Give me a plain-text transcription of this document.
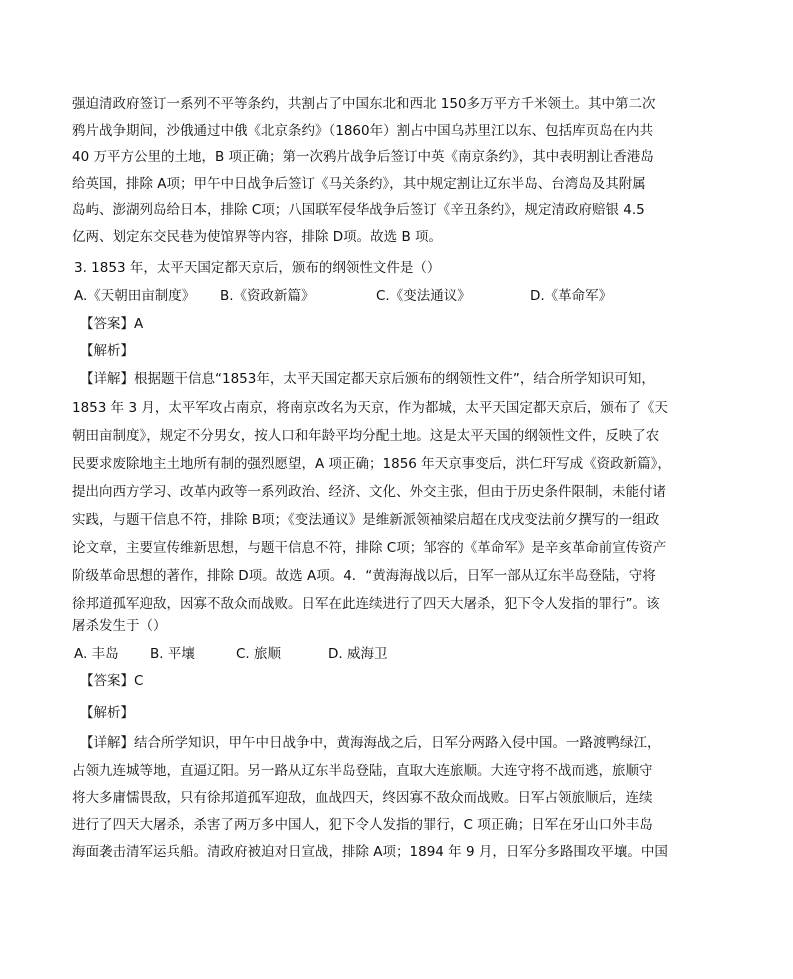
强迫清政府签订一系列不平等条约，共割占了中国东北和西北 150多万平方千米领土。其中第二次
鸦片战争期间，沙俄通过中俄《北京条约》（1860年）割占中国乌苏里江以东、包括库页岛在内共
40 万平方公里的土地，B 项正确；第一次鸦片战争后签订中英《南京条约》，其中表明割让香港岛
给英国，排除 A项；甲午中日战争后签订《马关条约》，其中规定割让辽东半岛、台湾岛及其附属
岛屿、澎湖列岛给日本，排除 C项；八国联军侵华战争后签订《辛丑条约》，规定清政府赔银 4.5
亿两、划定东交民巷为使馆界等内容，排除 D项。故选 B 项。
3. 1853 年，太平天国定都天京后，颁布的纲领性文件是（）
A.《天朝田亩制度》 B.《资政新篇》	C.《变法通议》	D.《革命军》
【答案】A
【解析】
【详解】根据题干信息“1853年，太平天国定都天京后颁布的纲领性文件”，结合所学知识可知，
1853 年 3 月，太平军攻占南京，将南京改名为天京，作为都城，太平天国定都天京后，颁布了《天
朝田亩制度》，规定不分男女，按人口和年龄平均分配土地。这是太平天国的纲领性文件，反映了农
民要求废除地主土地所有制的强烈愿望，A 项正确；1856 年天京事变后，洪仁玕写成《资政新篇》，
提出向西方学习、改革内政等一系列政治、经济、文化、外交主张，但由于历史条件限制，未能付诸
实践，与题干信息不符，排除 B项；《变法通议》是维新派领袖梁启超在戊戌变法前夕撰写的一组政
论文章，主要宣传维新思想，与题干信息不符，排除 C项；邹容的《革命军》是辛亥革命前宣传资产
阶级革命思想的著作，排除 D项。故选 A项。4．“黄海海战以后，日军一部从辽东半岛登陆，守将
徐邦道孤军迎敌，因寡不敌众而战败。日军在此连续进行了四天大屠杀，犯下令人发指的罪行”。该
屠杀发生于（）
A. 丰岛 B. 平壤	C. 旅顺	D. 威海卫
【答案】C
【解析】
【详解】结合所学知识，甲午中日战争中，黄海海战之后，日军分两路入侵中国。一路渡鸭绿江，
占领九连城等地，直逼辽阳。另一路从辽东半岛登陆，直取大连旅顺。大连守将不战而逃，旅顺守
将大多庸懦畏敌，只有徐邦道孤军迎敌，血战四天，终因寡不敌众而战败。日军占领旅顺后，连续
进行了四天大屠杀，杀害了两万多中国人，犯下令人发指的罪行，C 项正确；日军在牙山口外丰岛
海面袭击清军运兵船。清政府被迫对日宣战，排除 A项；1894 年 9 月，日军分多路围攻平壤。中国
